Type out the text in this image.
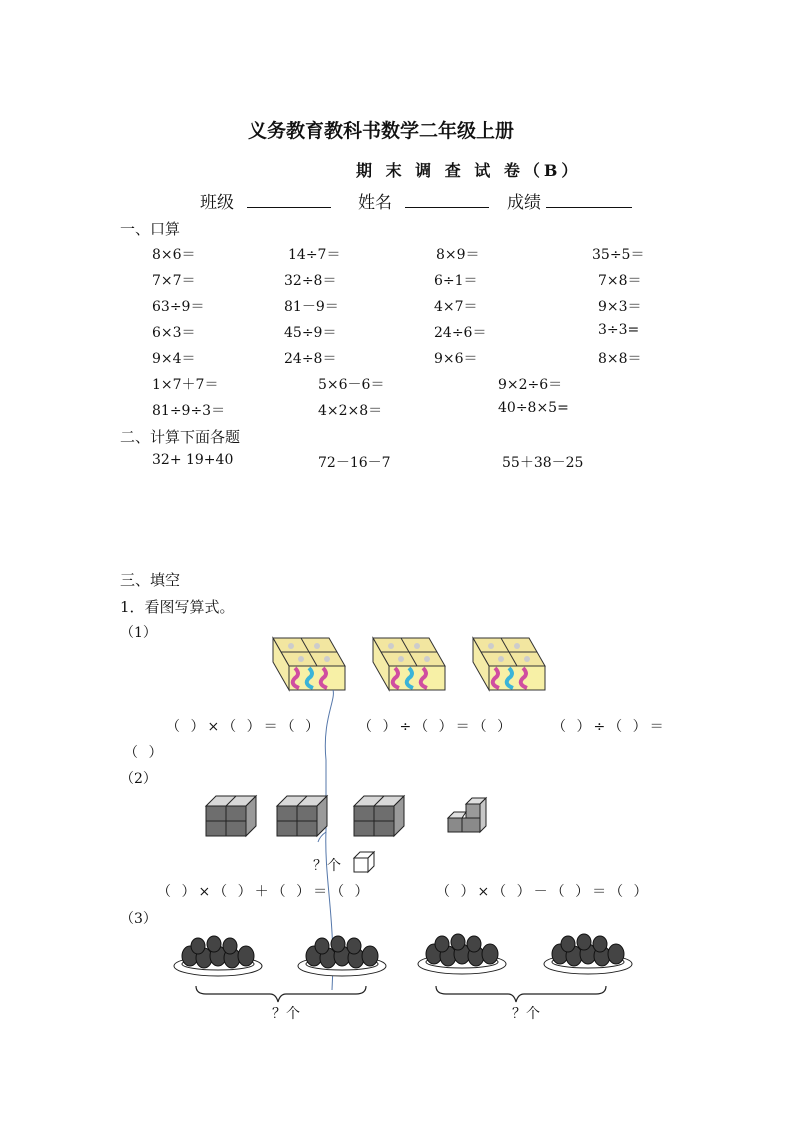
义务教育教科书数学二年级上册
期 末 调 查 试 卷（B）
班级	姓名	成绩
一、口算
8×6＝	14÷7＝	8×9＝	35÷5＝
7×7＝	32÷8＝	6÷1＝	7×8＝
63÷9＝	81－9＝	4×7＝	9×3＝
6×3＝	45÷9＝	24÷6＝	3÷3=
9×4＝	24÷8＝	9×6＝	8×8＝
1×7＋7＝	5×6－6＝	9×2÷6＝
81÷9÷3＝	4×2×8＝	40÷8×5=
二、计算下面各题
32+ 19+40	72－16－7	55＋38－25
三、填空
1．看图写算式。
（1）
（ ）×（ ）＝（ ）	（ ）÷（ ）＝（ ）	（ ）÷（ ）＝
（ ）
（2）
？个
（ ）×（ ）＋（ ）＝（ ）	（ ）×（ ）－（ ）＝（ ）
（3）
？个	？个
